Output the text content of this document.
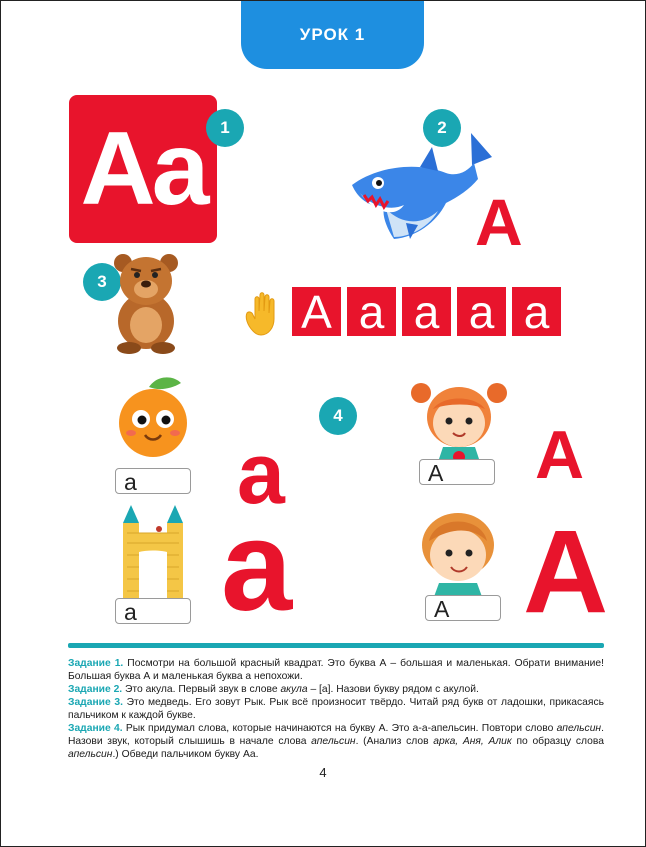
УРОК 1
Aa 1	2
A
3
A a a a a
4
а	a	А	A
а a	А A

Задание 1. Посмотри на большой красный квадрат. Это буква А – большая и маленькая. Обрати внимание! Большая буква А и маленькая буква а непохожи.

Задание 2. Это акула. Первый звук в слове акула – [а]. Назови букву рядом с акулой.

Задание 3. Это медведь. Его зовут Рык. Рык всё произносит твёрдо. Читай ряд букв от ладошки, прикасаясь пальчиком к каждой букве.

Задание 4. Рык придумал слова, которые начинаются на букву А. Это а-а-апельсин. Повтори слово апельсин. Назови звук, который слышишь в начале слова апельсин. (Анализ слов арка, Аня, Алик по образцу слова апельсин.) Обведи пальчиком букву Аа.

4
